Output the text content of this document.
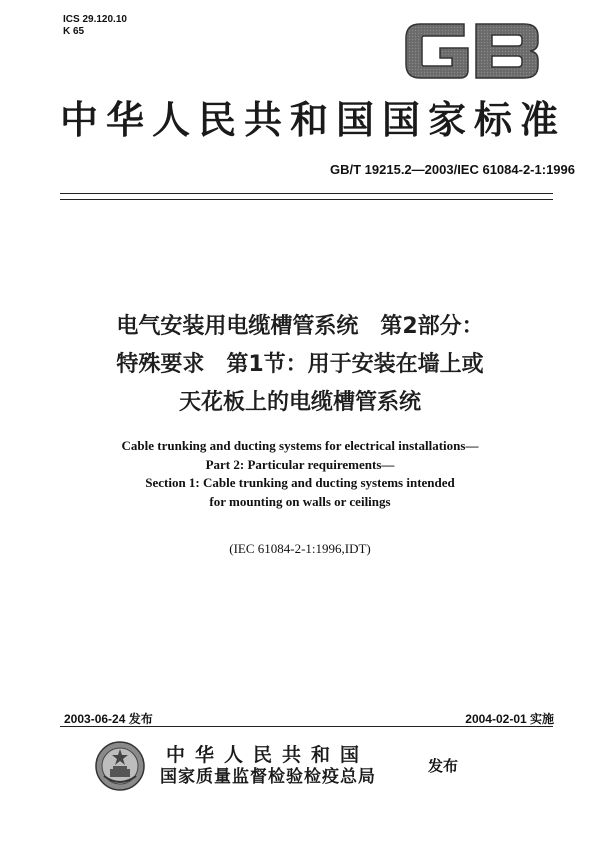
ICS 29.120.10
K 65
中华人民共和国国家标准
GB/T 19215.2—2003/IEC 61084-2-1:1996
电气安装用电缆槽管系统　第2部分：
特殊要求　第1节：用于安装在墙上或
天花板上的电缆槽管系统
Cable trunking and ducting systems for electrical installations—
Part 2: Particular requirements—
Section 1: Cable trunking and ducting systems intended
for mounting on walls or ceilings
(IEC 61084-2-1:1996,IDT)
2003-06-24 发布	2004-02-01 实施
中华人民共和国
国家质量监督检验检疫总局
发布
